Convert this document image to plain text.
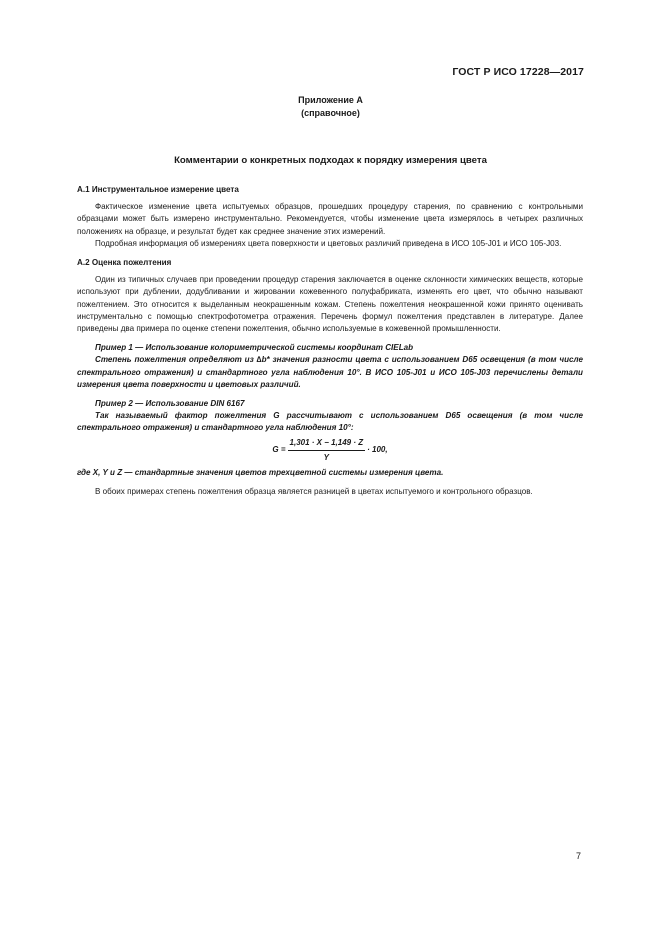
ГОСТ Р ИСО 17228—2017
Приложение А
(справочное)
Комментарии о конкретных подходах к порядку измерения цвета
А.1 Инструментальное измерение цвета

Фактическое изменение цвета испытуемых образцов, прошедших процедуру старения, по сравнению с контрольными образцами может быть измерено инструментально. Рекомендуется, чтобы изменение цвета измерялось в четырех различных положениях на образце, и результат будет как среднее значение этих измерений.

Подробная информация об измерениях цвета поверхности и цветовых различий приведена в ИСО 105-J01 и ИСО 105-J03.

А.2 Оценка пожелтения

Один из типичных случаев при проведении процедур старения заключается в оценке склонности химических веществ, которые используют при дублении, додубливании и жировании кожевенного полуфабриката, изменять его цвет, что обычно называют пожелтением. Это относится к выделанным неокрашенным кожам. Степень пожелтения неокрашенной кожи принято оценивать инструментально с помощью спектрофотометра отражения. Перечень формул пожелтения представлен в литературе. Далее приведены два примера по оценке степени пожелтения, обычно используемые в кожевенной промышленности.

Пример 1 — Использование колориметрической системы координат CIELab

Степень пожелтения определяют из ∆b* значения разности цвета с использованием D65 освещения (в том числе спектрального отражения) и стандартного угла наблюдения 10°. В ИСО 105-J01 и ИСО 105-J03 перечислены детали измерения цвета поверхности и цветовых различий.

Пример 2 — Использование DIN 6167

Так называемый фактор пожелтения G рассчитывают с использованием D65 освещения (в том числе спектрального отражения) и стандартного угла наблюдения 10°:

$G = \frac{1,301 \cdot X - 1,149 \cdot Z}{Y} \cdot 100$,

где X, Y и Z — стандартные значения цветов трехцветной системы измерения цвета.

В обоих примерах степень пожелтения образца является разницей в цветах испытуемого и контрольного образцов.

7
